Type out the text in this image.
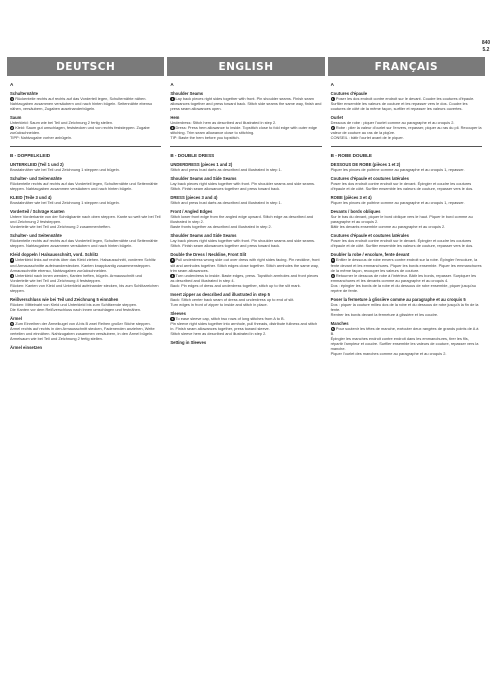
8405.2
DEUTSCH	ENGLISH	FRANÇAIS
A
Schulternähte
1 Rückenteile rechts auf rechts auf das Vorderteil legen, Schulternähte nähen. Nahtzugaben zusammen versäubern und nach hinten bügeln. Seitennähte ebenso nähen, versäubern, Zugaben auseinanderbügeln.
Saum
Unterkleid: Saum wie bei Teil und Zeichnung 2 fertig stellen.
2 Kleid: Saum gut umschlagen, feststecken und von rechts feststeppen. Zugabe zurückschneiden.
TIPP: Nahtzugabe vorher anbügeln.
B - DOPPELKLEID
UNTERKLEID (Teil 1 und 2)
Brustabnäher wie bei Teil und Zeichnung 1 steppen und bügeln.
Schulter- und Seitennähte
Rückenteile rechts auf rechts auf das Vorderteil legen, Schulternähte und Seitennähte steppen. Nahtzugaben zusammen versäubern und nach hinten bügeln.
KLEID (Teile 3 und 4)
Brustabnäher wie bei Teil und Zeichnung 1 steppen und bügeln.
Vorderteil / Schräge Kanten
Untere Vorderkante von der Schrägkante nach oben steppen. Kante so weit wie bei Teil und Zeichnung 2 feststeppen.
Vorderteile wie bei Teil und Zeichnung 2 zusammenheften.
Schulter- und Seitennähte
Rückenteile rechts auf rechts auf das Vorderteil legen, Schulternähte und Seitennähte steppen. Nahtzugaben zusammen versäubern und nach hinten bügeln.
Kleid doppeln / Halsausschnitt, vord. Schlitz
3 Unterkleid links auf rechts über das Kleid ziehen. Halsausschnitt, vorderen Schlitz und Armausschnitte aufeinanderstecken. Kanten knappkantig zusammensteppen. Armausschnitte ebenso, Nahtzugaben zurückschneiden.
4 Unterkleid nach innen wenden, Kanten heften, bügeln. Armausschnitt und Vorderteile wie bei Teil und Zeichnung 4 feststeppen.
Rücken: Kanten von Kleid und Unterkleid aufeinander stecken, bis zum Schlitzzeichen steppen.
Reißverschluss wie bei Teil und Zeichnung 5 einnähen
Rücken: Mittelnaht von Kleid und Unterkleid bis zum Schlitzende steppen.
Die Kanten vor dem Reißverschluss nach innen umschlagen und festnähen.
Ärmel
5 Zum Einreihen der Ärmelkugel von A bis B zwei Reihen großer Stiche steppen.
Ärmel rechts auf rechts in den Armausschnitt stecken, Fadenenden anziehen, Weite verteilen und einnähen. Nahtzugaben zusammen versäubern, in den Ärmel bügeln.
Ärmelsaum wie bei Teil und Zeichnung 2 fertig stellen.
Ärmel einsetzen
A
Shoulder Seams
1 Lay back pieces right sides together with front. Pin shoulder seams. Finish seam allowances together and press toward back. Stitch side seams the same way, finish and press seam allowances open.
Hem
Underdress: Stitch hem as described and illustrated in step 2.
2 Dress: Press hem allowance to inside. Topstitch close to fold edge with outer edge stitching. Trim seam allowance close to stitching.
TIP: Baste the hem before you topstitch.
B - DOUBLE DRESS
UNDERDRESS (pieces 1 and 2)
Stitch and press bust darts as described and illustrated in step 1.
Shoulder Seams and Side Seams
Lay back pieces right sides together with front. Pin shoulder seams and side seams. Stitch. Finish seam allowances together and press toward back.
DRESS (pieces 3 and 4)
Stitch and press bust darts as described and illustrated in step 1.
Front / Angled Edges
Stitch lower front edge from the angled edge upward. Stitch edge as described and illustrated in step 2.
Baste fronts together as described and illustrated in step 2.
Shoulder Seams and Side Seams
Lay back pieces right sides together with front. Pin shoulder seams and side seams. Stitch. Finish seam allowances together and press toward back.
Double the Dress / Neckline, Front Slit
3 Pull underdress wrong side out over dress with right sides facing. Pin neckline, front slit and armholes together. Stitch edges close together. Stitch armholes the same way, trim seam allowances.
4 Turn underdress to inside. Baste edges, press. Topstitch armholes and front pieces as described and illustrated in step 4.
Back: Pin edges of dress and underdress together, stitch up to the slit mark.
Insert zipper as described and illustrated in step 5
Back: Stitch center back seam of dress and underdress up to end of slit.
Turn edges in front of zipper to inside and stitch in place.
Sleeves
5 To ease sleeve cap, stitch two rows of long stitches from A to B.
Pin sleeve right sides together into armhole, pull threads, distribute fullness and stitch in. Finish seam allowances together, press toward sleeve.
Stitch sleeve hem as described and illustrated in step 2.
Setting in Sleeves
A
Coutures d'épaule
1 Poser les dos endroit contre endroit sur le devant. Coudre les coutures d'épaule. Surfiler ensemble les valeurs de couture et les repasser vers le dos. Coudre les coutures de côté de la même façon, surfiler et repasser les valeurs ouvertes.
Ourlet
Dessous de robe : piquer l'ourlet comme au paragraphe et au croquis 2.
2 Robe : plier la valeur d'ourlet sur l'envers, repasser, piquer au ras du pli. Recouper la valeur de couture au ras de la piqûre.
CONSEIL : bâtir l'ourlet avant de le piquer.
B - ROBE DOUBLE
DESSOUS DE ROBE (pièces 1 et 2)
Piquer les pinces de poitrine comme au paragraphe et au croquis 1, repasser.
Coutures d'épaule et coutures latérales
Poser les dos endroit contre endroit sur le devant. Épingler et coudre les coutures d'épaule et de côté. Surfiler ensemble les valeurs de couture, repasser vers le dos.
ROBE (pièces 3 et 4)
Piquer les pinces de poitrine comme au paragraphe et au croquis 1, repasser.
Devants / bords obliques
Sur le bas du devant, piquer le bord oblique vers le haut. Piquer le bord comme au paragraphe et au croquis 2.
Bâtir les devants ensemble comme au paragraphe et au croquis 2.
Coutures d'épaule et coutures latérales
Poser les dos endroit contre endroit sur le devant. Épingler et coudre les coutures d'épaule et de côté. Surfiler ensemble les valeurs de couture, repasser vers le dos.
Doubler la robe / encolure, fente devant
3 Enfiler le dessous de robe envers contre endroit sur la robe. Épingler l'encolure, la fente devant et les emmanchures. Piquer les bords ensemble. Piquer les emmanchures de la même façon, recouper les valeurs de couture.
4 Retourner le dessous de robe à l'intérieur. Bâtir les bords, repasser. Surpiquer les emmanchures et les devants comme au paragraphe et au croquis 4.
Dos : épingler les bords de la robe et du dessous de robe ensemble, piquer jusqu'au repère de fente.
Poser la fermeture à glissière comme au paragraphe et au croquis 5
Dos : piquer la couture milieu dos de la robe et du dessous de robe jusqu'à la fin de la fente.
Rentrer les bords devant la fermeture à glissière et les coudre.
Manches
5 Pour soutenir les têtes de manche, exécuter deux rangées de grands points de A à B.
Épingler les manches endroit contre endroit dans les emmanchures, tirer les fils, répartir l'ampleur et coudre. Surfiler ensemble les valeurs de couture, repasser vers la manche.
Piquer l'ourlet des manches comme au paragraphe et au croquis 2.
